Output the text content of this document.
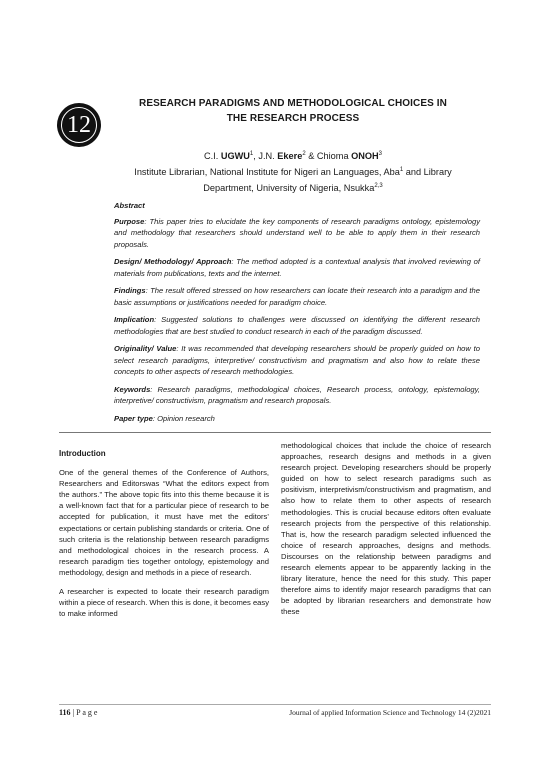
12
RESEARCH PARADIGMS AND METHODOLOGICAL CHOICES IN
THE RESEARCH PROCESS
C.I. UGWU$^1$, J.N. Ekere$^2$ & Chioma ONOH$^3$
Institute Librarian, National Institute for Nigeri an Languages, Aba$^1$ and Library
Department, University of Nigeria, Nsukka$^{2,3}$
Abstract

Purpose: This paper tries to elucidate the key components of research paradigms ontology, epistemology and methodology that researchers should understand well to be able to apply them in their research proposals.

Design/ Methodology/ Approach: The method adopted is a contextual analysis that involved reviewing of materials from publications, texts and the internet.

Findings: The result offered stressed on how researchers can locate their research into a paradigm and the basic assumptions or justifications needed for paradigm choice.

Implication: Suggested solutions to challenges were discussed on identifying the different research methodologies that are best studied to conduct research in each of the paradigm discussed.

Originality/ Value: It was recommended that developing researchers should be properly guided on how to select research paradigms, interpretive/ constructivism and pragmatism and also how to relate these concepts to other aspects of research methodologies.

Keywords: Research paradigms, methodological choices, Research process, ontology, epistemology, interpretive/ constructivism, pragmatism and research proposals.

Paper type: Opinion research

Introduction

One of the general themes of the Conference of Authors, Researchers and Editorswas “What the editors expect from the authors.” The above topic fits into this theme because it is a well-known fact that for a particular piece of research to be accepted for publication, it must have met the editors’ expectations or certain publishing standards or criteria. One of such criteria is the relationship between research paradigms and methodological choices in the research process. A research paradigm ties together ontology, epistemology and methodology, design and methods in a piece of research.

A researcher is expected to locate their research paradigm within a piece of research. When this is done, it becomes easy to make informed

methodological choices that include the choice of research approaches, research designs and methods in a given research project. Developing researchers should be properly guided on how to select research paradigms such as positivism, interpretivism/constructivism and pragmatism, and also how to relate them to other aspects of research methodologies. This is crucial because editors often evaluate research projects from the perspective of this relationship. That is, how the research paradigm selected influenced the choice of research approaches, designs and methods. Discourses on the relationship between paradigms and research elements appear to be apparently lacking in the library literature, hence the need for this study. This paper therefore aims to identify major research paradigms that can be adopted by librarian researchers and demonstrate how these

116 | P a g e	Journal of applied Information Science and Technology 14 (2)2021
